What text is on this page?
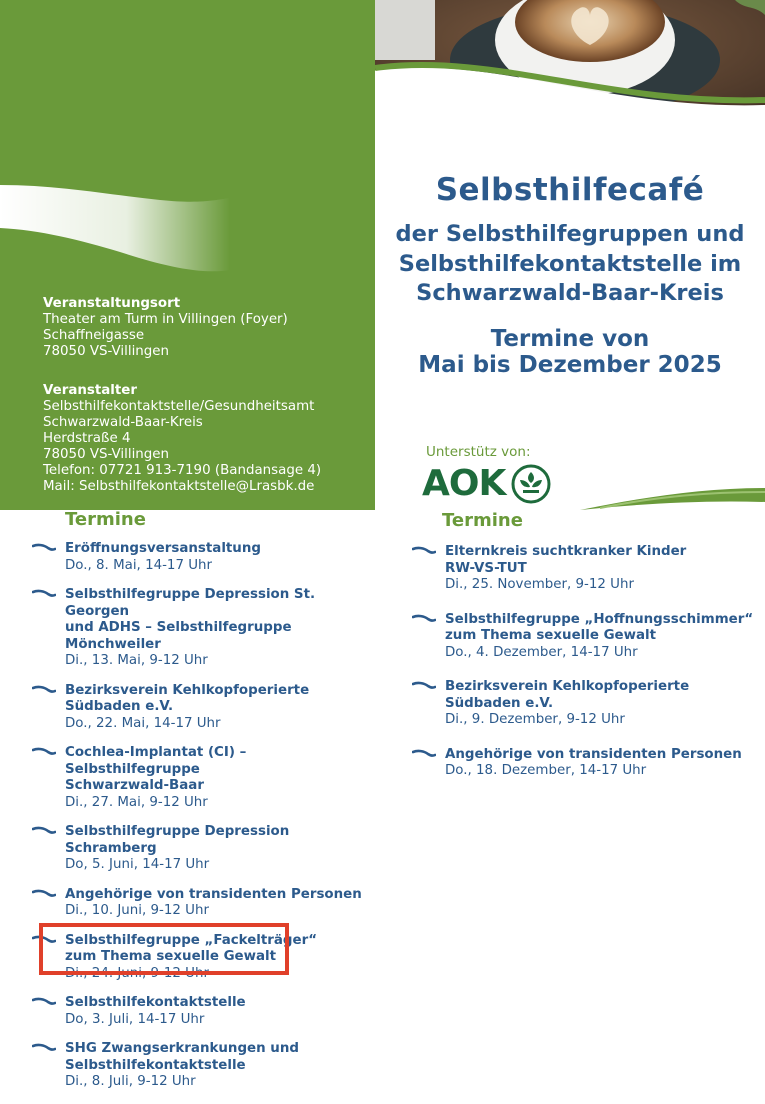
Veranstaltungsort
Theater am Turm in Villingen (Foyer)
Schaffneigasse
78050 VS-Villingen
Veranstalter
Selbsthilfekontaktstelle/Gesundheitsamt
Schwarzwald-Baar-Kreis
Herdstraße 4
78050 VS-Villingen
Telefon: 07721 913-7190 (Bandansage 4)
Mail: Selbsthilfekontaktstelle@Lrasbk.de
Selbsthilfecafé
der Selbsthilfegruppen und
Selbsthilfekontaktstelle im
Schwarzwald-Baar-Kreis
Termine von
Mai bis Dezember 2025
Unterstütz von:
AOK
Termine	Termine
Eröffnungsversanstaltung
Do., 8. Mai, 14-17 Uhr
Selbsthilfegruppe Depression St. Georgen
und ADHS – Selbsthilfegruppe Mönchweiler
Di., 13. Mai, 9-12 Uhr
Bezirksverein Kehlkopfoperierte
Südbaden e.V.
Do., 22. Mai, 14-17 Uhr
Cochlea-Implantat (CI) – Selbsthilfegruppe
Schwarzwald-Baar
Di., 27. Mai, 9-12 Uhr
Selbsthilfegruppe Depression Schramberg
Do, 5. Juni, 14-17 Uhr
Angehörige von transidenten Personen
Di., 10. Juni, 9-12 Uhr
Selbsthilfegruppe „Fackelträger“
zum Thema sexuelle Gewalt
Di., 24. Juni, 9-12 Uhr
Selbsthilfekontaktstelle
Do, 3. Juli, 14-17 Uhr
SHG Zwangserkrankungen und
Selbsthilfekontaktstelle
Di., 8. Juli, 9-12 Uhr
Elternkreis suchtkranker Kinder
RW-VS-TUT
Di., 25. November, 9-12 Uhr
Selbsthilfegruppe „Hoffnungsschimmer“
zum Thema sexuelle Gewalt
Do., 4. Dezember, 14-17 Uhr
Bezirksverein Kehlkopfoperierte
Südbaden e.V.
Di., 9. Dezember, 9-12 Uhr
Angehörige von transidenten Personen
Do., 18. Dezember, 14-17 Uhr
